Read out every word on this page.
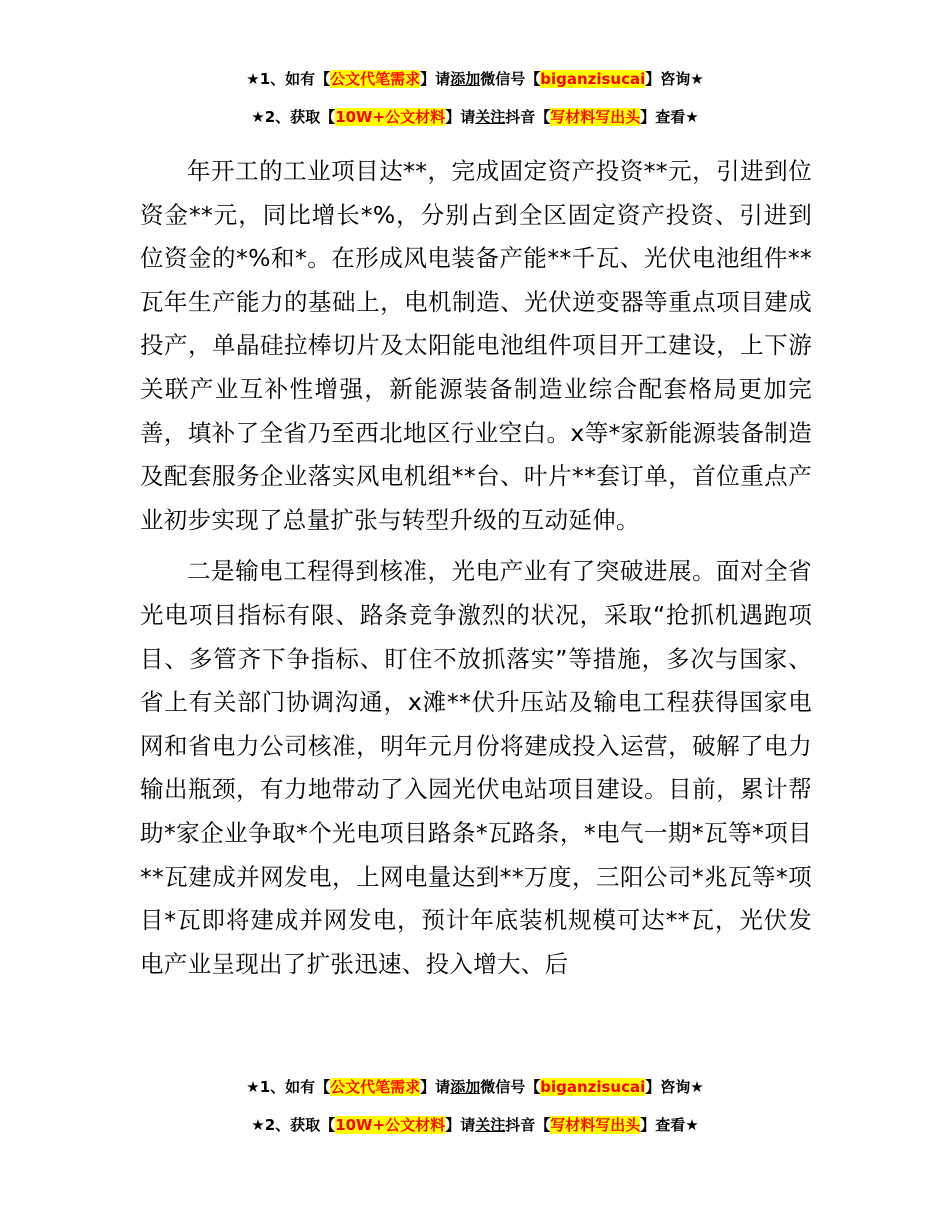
★1、如有【公文代笔需求】请添加微信号【biganzisucai】咨询★
★2、获取【10W+公文材料】请关注抖音【写材料写出头】查看★

年开工的工业项目达**，完成固定资产投资**元，引进到位资金**元，同比增长*%，分别占到全区固定资产投资、引进到位资金的*%和*。在形成风电装备产能**千瓦、光伏电池组件**瓦年生产能力的基础上，电机制造、光伏逆变器等重点项目建成投产，单晶硅拉棒切片及太阳能电池组件项目开工建设，上下游关联产业互补性增强，新能源装备制造业综合配套格局更加完善，填补了全省乃至西北地区行业空白。x等*家新能源装备制造及配套服务企业落实风电机组**台、叶片**套订单，首位重点产业初步实现了总量扩张与转型升级的互动延伸。

二是输电工程得到核准，光电产业有了突破进展。面对全省光电项目指标有限、路条竞争激烈的状况，采取“抢抓机遇跑项目、多管齐下争指标、盯住不放抓落实”等措施，多次与国家、省上有关部门协调沟通，x滩**伏升压站及输电工程获得国家电网和省电力公司核准，明年元月份将建成投入运营，破解了电力输出瓶颈，有力地带动了入园光伏电站项目建设。目前，累计帮助*家企业争取*个光电项目路条*瓦路条，*电气一期*瓦等*项目**瓦建成并网发电，上网电量达到**万度，三阳公司*兆瓦等*项目*瓦即将建成并网发电，预计年底装机规模可达**瓦，光伏发电产业呈现出了扩张迅速、投入增大、后

★1、如有【公文代笔需求】请添加微信号【biganzisucai】咨询★
★2、获取【10W+公文材料】请关注抖音【写材料写出头】查看★
